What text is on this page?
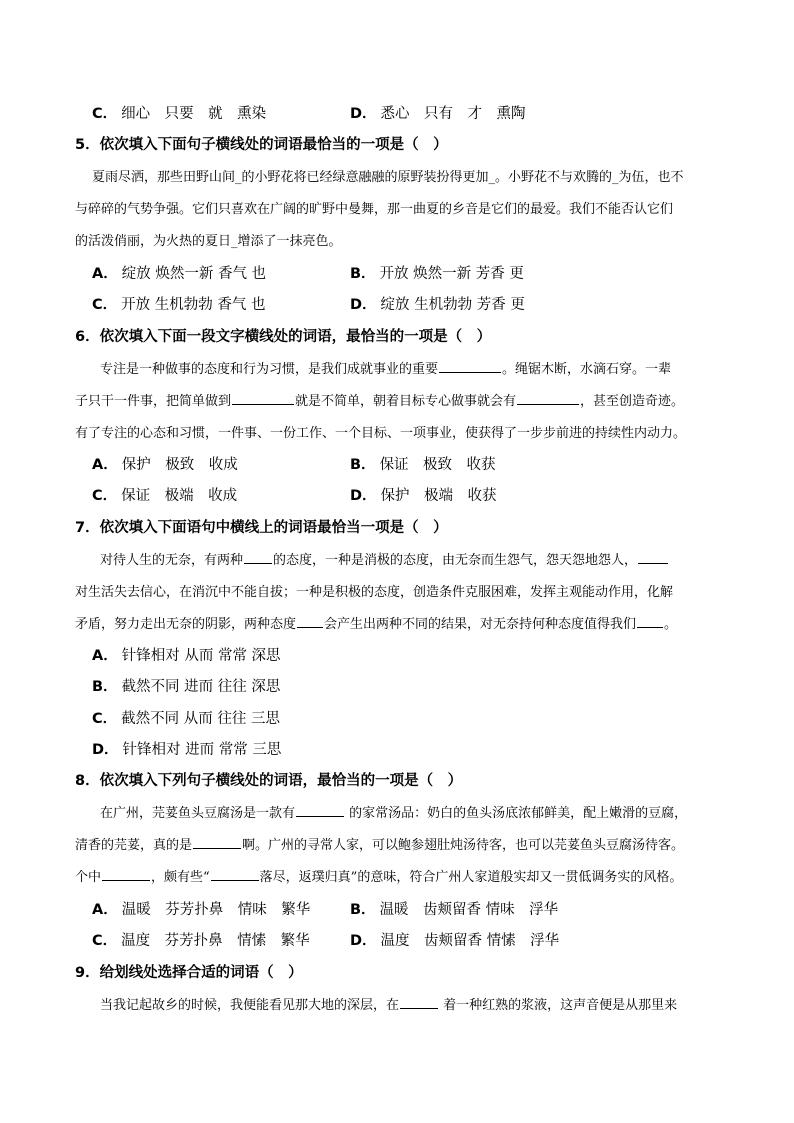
C． 细心　只要　就　熏染	D． 悉心　只有　才　熏陶
5．依次填入下面句子横线处的词语最恰当的一项是（　）
夏雨尽洒，那些田野山间_的小野花将已经绿意融融的原野装扮得更加_。小野花不与欢腾的_为伍，也不
与碎碎的气势争强。它们只喜欢在广阔的旷野中曼舞，那一曲夏的乡音是它们的最爱。我们不能否认它们
的活泼俏丽，为火热的夏日_增添了一抹亮色。
A． 绽放 焕然一新 香气 也	B． 开放 焕然一新 芳香 更
C． 开放 生机勃勃 香气 也	D． 绽放 生机勃勃 芳香 更
6．依次填入下面一段文字横线处的词语，最恰当的一项是（　）
专注是一种做事的态度和行为习惯，是我们成就事业的重要	。绳锯木断，水滴石穿。一辈
子只干一件事，把简单做到	就是不简单，朝着目标专心做事就会有	，甚至创造奇迹。
有了专注的心态和习惯，一件事、一份工作、一个目标、一项事业，使获得了一步步前进的持续性内动力。
A． 保护　极致　收成	B． 保证　极致　收获
C． 保证　极端　收成	D． 保护　极端　收获
7．依次填入下面语句中横线上的词语最恰当一项是（　）
对待人生的无奈，有两种 的态度，一种是消极的态度，由无奈而生怨气，怨天怨地怨人，
对生活失去信心，在消沉中不能自拔；一种是积极的态度，创造条件克服困难，发挥主观能动作用，化解
矛盾，努力走出无奈的阴影，两种态度 会产生出两种不同的结果，对无奈持何种态度值得我们 。
A． 针锋相对 从而 常常 深思
B． 截然不同 进而 往往 深思
C． 截然不同 从而 往往 三思
D． 针锋相对 进而 常常 三思
8．依次填入下列句子横线处的词语，最恰当的一项是（　）
在广州，芫荽鱼头豆腐汤是一款有	的家常汤品：奶白的鱼头汤底浓郁鲜美，配上嫩滑的豆腐，
清香的芫荽，真的是	啊。广州的寻常人家，可以鲍参翅肚炖汤待客，也可以芫荽鱼头豆腐汤待客。
个中	，颇有些“	落尽，返璞归真”的意味，符合广州人家道般实却又一贯低调务实的风格。
A． 温暖　芬芳扑鼻　情味　繁华	B． 温暖　齿颊留香 情味　浮华
C． 温度　芬芳扑鼻　情愫　繁华	D． 温度　齿颊留香 情愫　浮华
9．给划线处选择合适的词语（　）
当我记起故乡的时候，我便能看见那大地的深层，在	着一种红熟的浆液，这声音便是从那里来
